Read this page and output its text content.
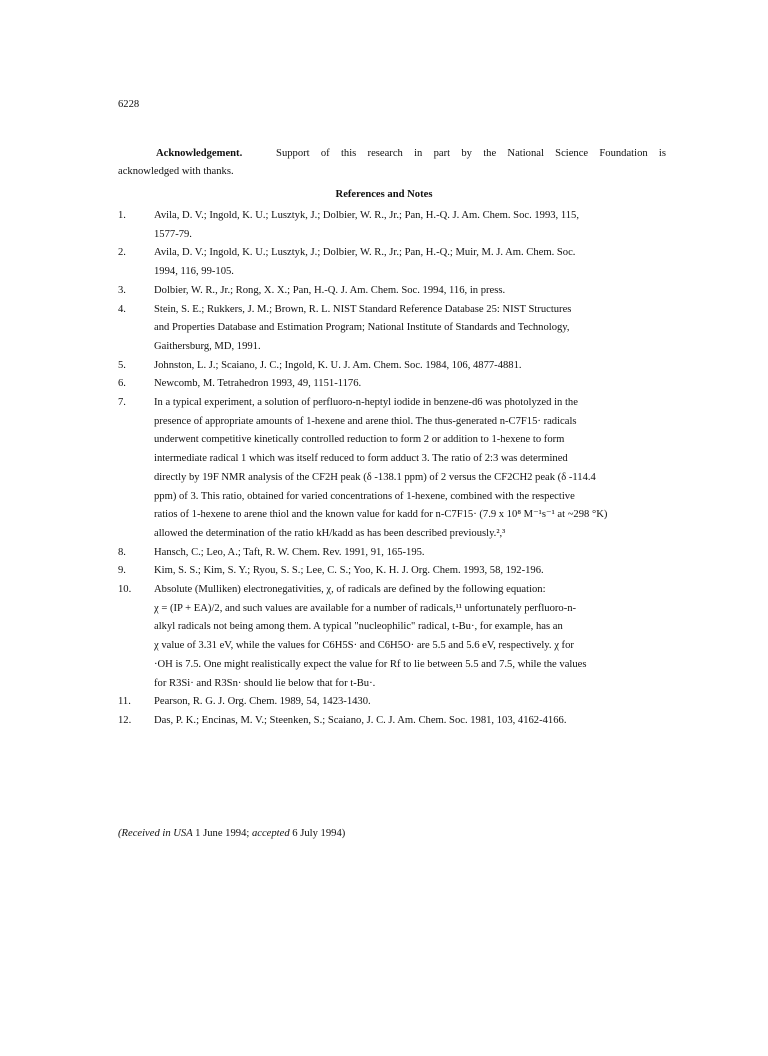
6228
Acknowledgement.	Support of this research in part by the National Science Foundation is
acknowledged with thanks.
References and Notes
1.	Avila, D. V.; Ingold, K. U.; Lusztyk, J.; Dolbier, W. R., Jr.; Pan, H.-Q. J. Am. Chem. Soc. 1993, 115,
1577-79.
2.	Avila, D. V.; Ingold, K. U.; Lusztyk, J.; Dolbier, W. R., Jr.; Pan, H.-Q.; Muir, M. J. Am. Chem. Soc.
1994, 116, 99-105.
3.	Dolbier, W. R., Jr.; Rong, X. X.; Pan, H.-Q. J. Am. Chem. Soc. 1994, 116, in press.
4.	Stein, S. E.; Rukkers, J. M.; Brown, R. L. NIST Standard Reference Database 25: NIST Structures
and Properties Database and Estimation Program; National Institute of Standards and Technology,
Gaithersburg, MD, 1991.
5.	Johnston, L. J.; Scaiano, J. C.; Ingold, K. U. J. Am. Chem. Soc. 1984, 106, 4877-4881.
6.	Newcomb, M. Tetrahedron 1993, 49, 1151-1176.
7.	In a typical experiment, a solution of perfluoro-n-heptyl iodide in benzene-d6 was photolyzed in the
presence of appropriate amounts of 1-hexene and arene thiol. The thus-generated n-C7F15· radicals
underwent competitive kinetically controlled reduction to form 2 or addition to 1-hexene to form
intermediate radical 1 which was itself reduced to form adduct 3. The ratio of 2:3 was determined
directly by 19F NMR analysis of the CF2H peak (δ -138.1 ppm) of 2 versus the CF2CH2 peak (δ -114.4
ppm) of 3. This ratio, obtained for varied concentrations of 1-hexene, combined with the respective
ratios of 1-hexene to arene thiol and the known value for kadd for n-C7F15· (7.9 x 10⁸ M⁻¹s⁻¹ at ~298 °K)
allowed the determination of the ratio kH/kadd as has been described previously.²,³
8.	Hansch, C.; Leo, A.; Taft, R. W. Chem. Rev. 1991, 91, 165-195.
9.	Kim, S. S.; Kim, S. Y.; Ryou, S. S.; Lee, C. S.; Yoo, K. H. J. Org. Chem. 1993, 58, 192-196.
10. Absolute (Mulliken) electronegativities, χ, of radicals are defined by the following equation:
χ = (IP + EA)/2, and such values are available for a number of radicals,¹¹ unfortunately perfluoro-n-
alkyl radicals not being among them. A typical "nucleophilic" radical, t-Bu·, for example, has an
χ value of 3.31 eV, while the values for C6H5S· and C6H5O· are 5.5 and 5.6 eV, respectively. χ for
·OH is 7.5. One might realistically expect the value for Rf to lie between 5.5 and 7.5, while the values
for R3Si· and R3Sn· should lie below that for t-Bu·.
11. Pearson, R. G. J. Org. Chem. 1989, 54, 1423-1430.
12. Das, P. K.; Encinas, M. V.; Steenken, S.; Scaiano, J. C. J. Am. Chem. Soc. 1981, 103, 4162-4166.
(Received in USA 1 June 1994; accepted 6 July 1994)
